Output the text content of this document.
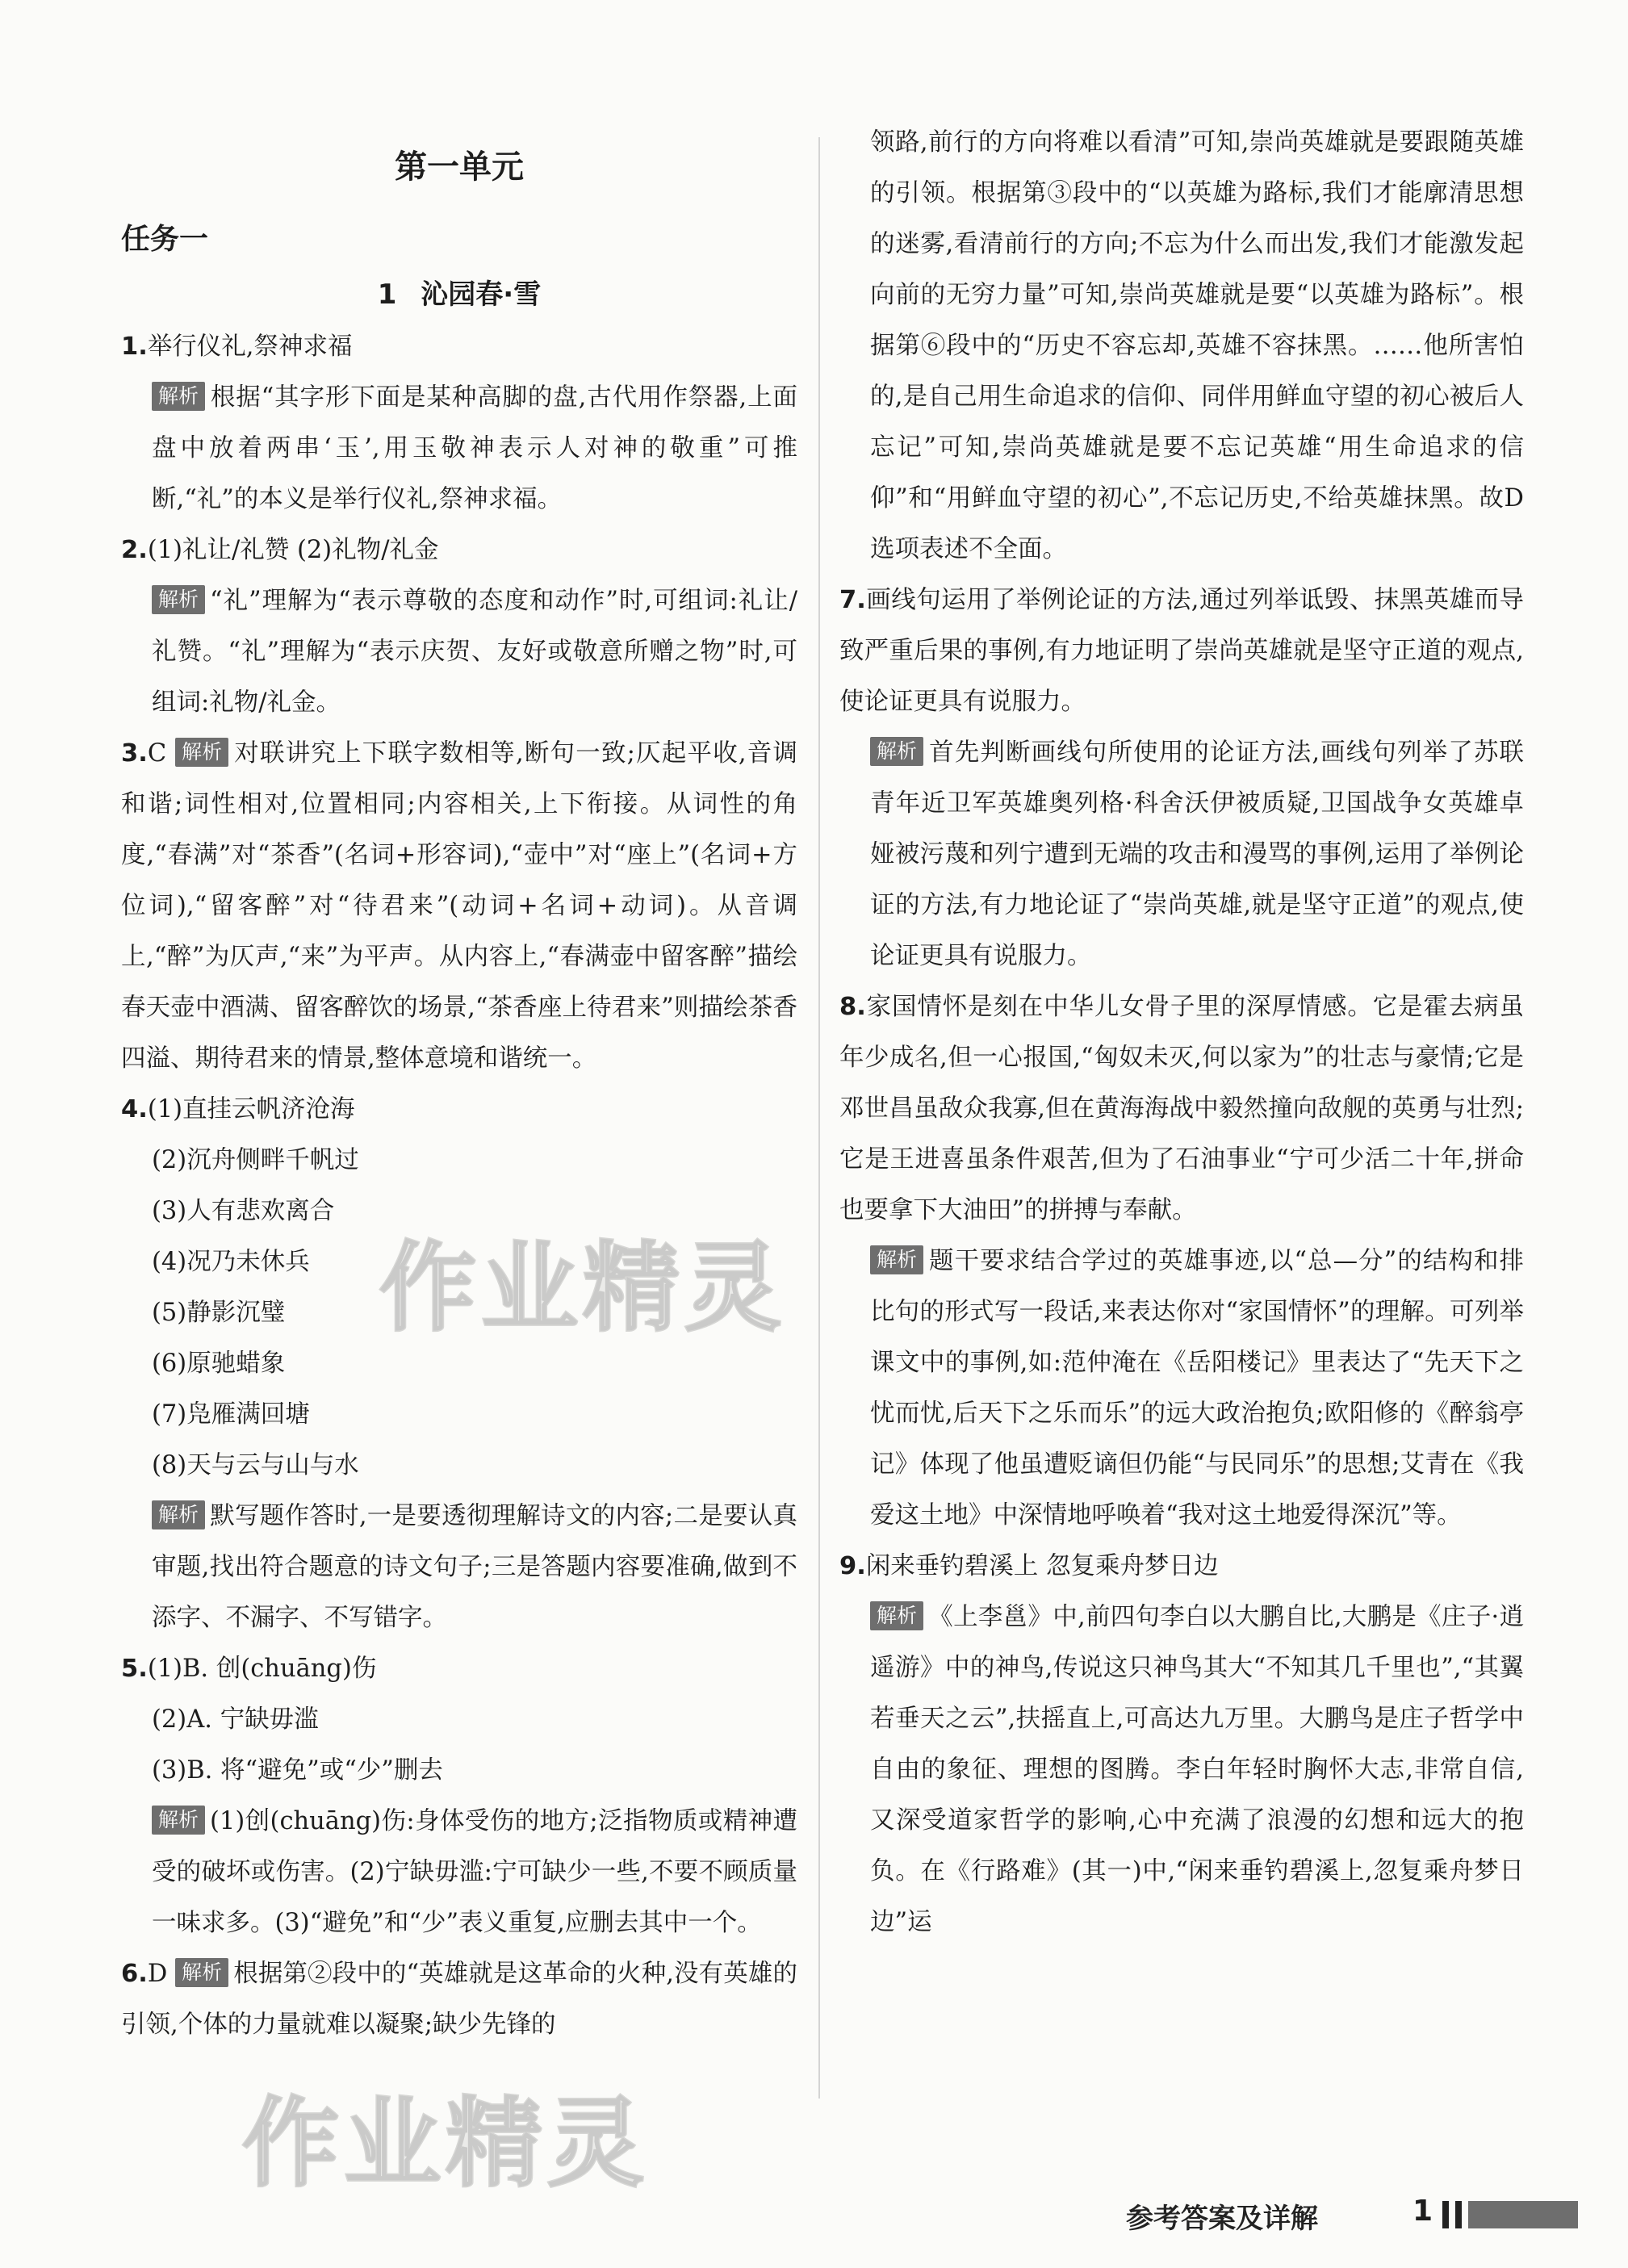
第一单元
任务一
1 沁园春·雪

1.举行仪礼,祭神求福

解析 根据“其字形下面是某种高脚的盘,古代用作祭器,上面盘中放着两串‘玉’,用玉敬神表示人对神的敬重”可推断,“礼”的本义是举行仪礼,祭神求福。

2.(1)礼让/礼赞 (2)礼物/礼金

解析 “礼”理解为“表示尊敬的态度和动作”时,可组词:礼让/礼赞。“礼”理解为“表示庆贺、友好或敬意所赠之物”时,可组词:礼物/礼金。

3.C 解析 对联讲究上下联字数相等,断句一致;仄起平收,音调和谐;词性相对,位置相同;内容相关,上下衔接。从词性的角度,“春满”对“茶香”(名词+形容词),“壶中”对“座上”(名词+方位词),“留客醉”对“待君来”(动词+名词+动词)。从音调上,“醉”为仄声,“来”为平声。从内容上,“春满壶中留客醉”描绘春天壶中酒满、留客醉饮的场景,“茶香座上待君来”则描绘茶香四溢、期待君来的情景,整体意境和谐统一。

4.(1)直挂云帆济沧海

(2)沉舟侧畔千帆过

(3)人有悲欢离合

(4)况乃未休兵

(5)静影沉璧

(6)原驰蜡象

(7)凫雁满回塘

(8)天与云与山与水

解析 默写题作答时,一是要透彻理解诗文的内容;二是要认真审题,找出符合题意的诗文句子;三是答题内容要准确,做到不添字、不漏字、不写错字。

5.(1)B. 创(chuāng)伤

(2)A. 宁缺毋滥

(3)B. 将“避免”或“少”删去

解析 (1)创(chuāng)伤:身体受伤的地方;泛指物质或精神遭受的破坏或伤害。(2)宁缺毋滥:宁可缺少一些,不要不顾质量一味求多。(3)“避免”和“少”表义重复,应删去其中一个。

6.D 解析 根据第②段中的“英雄就是这革命的火种,没有英雄的引领,个体的力量就难以凝聚;缺少先锋的

领路,前行的方向将难以看清”可知,崇尚英雄就是要跟随英雄的引领。根据第③段中的“以英雄为路标,我们才能廓清思想的迷雾,看清前行的方向;不忘为什么而出发,我们才能激发起向前的无穷力量”可知,崇尚英雄就是要“以英雄为路标”。根据第⑥段中的“历史不容忘却,英雄不容抹黑。……他所害怕的,是自己用生命追求的信仰、同伴用鲜血守望的初心被后人忘记”可知,崇尚英雄就是要不忘记英雄“用生命追求的信仰”和“用鲜血守望的初心”,不忘记历史,不给英雄抹黑。故D选项表述不全面。

7.画线句运用了举例论证的方法,通过列举诋毁、抹黑英雄而导致严重后果的事例,有力地证明了崇尚英雄就是坚守正道的观点,使论证更具有说服力。

解析 首先判断画线句所使用的论证方法,画线句列举了苏联青年近卫军英雄奥列格·科舍沃伊被质疑,卫国战争女英雄卓娅被污蔑和列宁遭到无端的攻击和漫骂的事例,运用了举例论证的方法,有力地论证了“崇尚英雄,就是坚守正道”的观点,使论证更具有说服力。

8.家国情怀是刻在中华儿女骨子里的深厚情感。它是霍去病虽年少成名,但一心报国,“匈奴未灭,何以家为”的壮志与豪情;它是邓世昌虽敌众我寡,但在黄海海战中毅然撞向敌舰的英勇与壮烈;它是王进喜虽条件艰苦,但为了石油事业“宁可少活二十年,拼命也要拿下大油田”的拼搏与奉献。

解析 题干要求结合学过的英雄事迹,以“总—分”的结构和排比句的形式写一段话,来表达你对“家国情怀”的理解。可列举课文中的事例,如:范仲淹在《岳阳楼记》里表达了“先天下之忧而忧,后天下之乐而乐”的远大政治抱负;欧阳修的《醉翁亭记》体现了他虽遭贬谪但仍能“与民同乐”的思想;艾青在《我爱这土地》中深情地呼唤着“我对这土地爱得深沉”等。

9.闲来垂钓碧溪上 忽复乘舟梦日边

解析 《上李邕》中,前四句李白以大鹏自比,大鹏是《庄子·逍遥游》中的神鸟,传说这只神鸟其大“不知其几千里也”,“其翼若垂天之云”,扶摇直上,可高达九万里。大鹏鸟是庄子哲学中自由的象征、理想的图腾。李白年轻时胸怀大志,非常自信,又深受道家哲学的影响,心中充满了浪漫的幻想和远大的抱负。在《行路难》(其一)中,“闲来垂钓碧溪上,忽复乘舟梦日边”运

参考答案及详解	1
作业精灵
作业精灵
